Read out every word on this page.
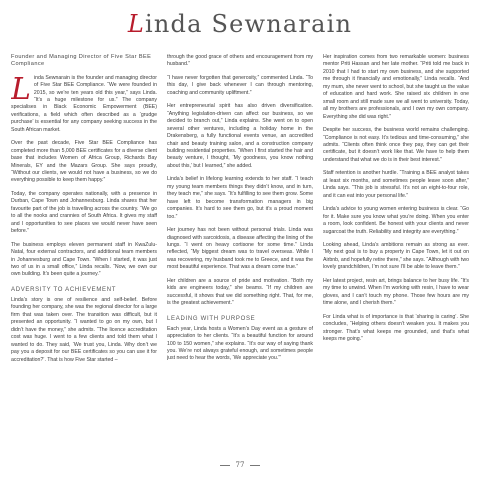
Linda Sewnarain
Founder and Managing Director of Five Star BEE Compliance

Linda Sewnarain is the founder and managing director of Five Star BEE Compliance. “We were founded in 2015, so we’re ten years old this year,” says Linda. “It’s a huge milestone for us.” The company specialises in Black Economic Empowerment (BEE) verifications, a field which often described as a ‘grudge purchase’ is essential for any company seeking success in the South African market.

Over the past decade, Five Star BEE Compliance has completed more than 5,000 BEE certificates for a diverse client base that includes Women of Africa Group, Richards Bay Minerals, EY and the Mazars Group. She says proudly, “Without our clients, we would not have a business, so we do everything possible to keep them happy.”

Today, the company operates nationally, with a presence in Durban, Cape Town and Johannesburg. Linda shares that her favourite part of the job is travelling across the country. “We go to all the nooks and crannies of South Africa. It gives my staff and I opportunities to see places we would never have seen before.”

The business employs eleven permanent staff in KwaZulu-Natal, four external contractors, and additional team members in Johannesburg and Cape Town. “When I started, it was just two of us in a small office,” Linda recalls. “Now, we own our own building. It’s been quite a journey.”

ADVERSITY TO ACHIEVEMENT

Linda’s story is one of resilience and self-belief. Before founding her company, she was the regional director for a large firm that was taken over. The transition was difficult, but it presented an opportunity. “I wanted to go on my own, but I didn’t have the money,” she admits. “The licence accreditation cost was huge. I went to a few clients and told them what I wanted to do. They said, ‘We trust you, Linda. Why don’t we pay you a deposit for our BEE certificates so you can use it for accreditation?’. That is how Five Star started –

through the good grace of others and encouragement from my husband.”

“I have never forgotten that generosity,” commented Linda. “To this day, I give back whenever I can through mentoring, coaching and community upliftment.”

Her entrepreneurial spirit has also driven diversification. “Anything legislation-driven can affect our business, so we decided to branch out,” Linda explains. She went on to open several other ventures, including a holiday home in the Drakensberg, a fully functional events venue, an accredited chair and beauty training salon, and a construction company building residential properties. “When I first started the hair and beauty venture, I thought, ‘My goodness, you know nothing about this,’ but I learned,” she added.

Linda’s belief in lifelong learning extends to her staff. “I teach my young team members things they didn’t know, and in turn, they teach me,” she says. “It’s fulfilling to see them grow. Some have left to become transformation managers in big companies. It’s hard to see them go, but it’s a proud moment too.”

Her journey has not been without personal trials. Linda was diagnosed with sarcoidosis, a disease affecting the lining of the lungs. “I went on heavy cortisone for some time.” Linda reflected, “My biggest dream was to travel overseas. While I was recovering, my husband took me to Greece, and it was the most beautiful experience. That was a dream come true.”

Her children are a source of pride and motivation. “Both my kids are engineers today,” she beams. “If my children are successful, it shows that we did something right. That, for me, is the greatest achievement.”

LEADING WITH PURPOSE

Each year, Linda hosts a Women’s Day event as a gesture of appreciation to her clients. “It’s a beautiful function for around 100 to 150 women,” she explains. “It’s our way of saying thank you. We’re not always grateful enough, and sometimes people just need to hear the words, ‘We appreciate you.’”

Her inspiration comes from two remarkable women: business mentor Priti Hassan and her late mother. “Priti told me back in 2010 that I had to start my own business, and she supported me through it financially and emotionally,” Linda recalls. “And my mum, she never went to school, but she taught us the value of education and hard work. She raised six children in one small room and still made sure we all went to university. Today, all my brothers are professionals, and I own my own company. Everything she did was right.”

Despite her success, the business world remains challenging. “Compliance is not easy. It’s tedious and time-consuming,” she admits. “Clients often think once they pay, they can get their certificate, but it doesn’t work like that. We have to help them understand that what we do is in their best interest.”

Staff retention is another hurdle. “Training a BEE analyst takes at least six months, and sometimes people leave soon after,” Linda says. “This job is stressful. It’s not an eight-to-four role, and it can eat into your personal life.”

Linda’s advice to young women entering business is clear. “Go for it. Make sure you know what you’re doing. When you enter a room, look confident. Be honest with your clients and never sugarcoat the truth. Reliability and integrity are everything.”

Looking ahead, Linda’s ambitions remain as strong as ever. “My next goal is to buy a property in Cape Town, let it out on Airbnb, and hopefully retire there,” she says. “Although with two lovely grandchildren, I’m not sure I’ll be able to leave them.”

Her latest project, resin art, brings balance to her busy life. “It’s my time to unwind. When I’m working with resin, I have to wear gloves, and I can’t touch my phone. Those few hours are my time alone, and I cherish them.”

For Linda what is of importance is that ‘sharing is caring’. She concludes, “Helping others doesn’t weaken you. It makes you stronger. That’s what keeps me grounded, and that’s what keeps me going.”

77
